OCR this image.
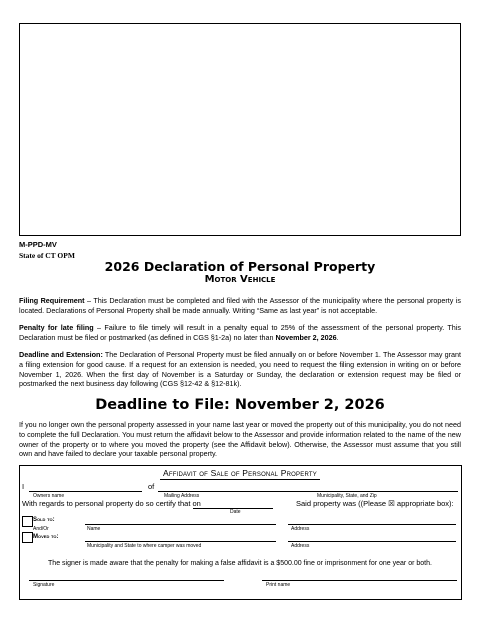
M-PPD-MV
State of CT OPM
2026 Declaration of Personal Property
Motor Vehicle
Filing Requirement – This Declaration must be completed and filed with the Assessor of the municipality where the personal property is located. Declarations of Personal Property shall be made annually. Writing “Same as last year” is not acceptable.
Penalty for late filing – Failure to file timely will result in a penalty equal to 25% of the assessment of the personal property. This Declaration must be filed or postmarked (as defined in CGS §1-2a) no later than November 2, 2026.
Deadline and Extension: The Declaration of Personal Property must be filed annually on or before November 1. The Assessor may grant a filing extension for good cause. If a request for an extension is needed, you need to request the filing extension in writing on or before November 1, 2026. When the first day of November is a Saturday or Sunday, the declaration or extension request may be filed or postmarked the next business day following (CGS §12-42 & §12-81k).
Deadline to File: November 2, 2026
If you no longer own the personal property assessed in your name last year or moved the property out of this municipality, you do not need to complete the full Declaration. You must return the affidavit below to the Assessor and provide information related to the name of the new owner of the property or to where you moved the property (see the Affidavit below). Otherwise, the Assessor must assume that you still own and have failed to declare your taxable personal property.
Affidavit of Sale of Personal Property
I	of
Owners name	Mailing Address	Municipality, State, and Zip
With regards to personal property do so certify that on
Date
Said property was ((Please ☒ appropriate box):
Sold to:
And/Or
Moved to:
Name	Address
Municipality and State to where camper was moved	Address
The signer is made aware that the penalty for making a false affidavit is a $500.00 fine or imprisonment for one year or both.
Signature	Print name
